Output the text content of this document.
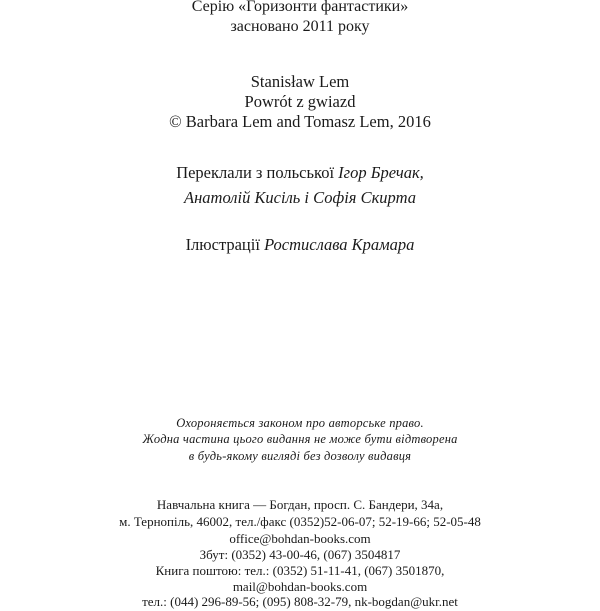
Серію «Горизонти фантастики»
засновано 2011 року
Stanisław Lem
Powrót z gwiazd
© Barbara Lem and Tomasz Lem, 2016
Переклали з польської Ігор Бречак,
Анатолій Кисіль і Софія Скирта
Ілюстрації Ростислава Крамара
Охороняється законом про авторське право.
Жодна частина цього видання не може бути відтворена
в будь-якому вигляді без дозволу видавця
Навчальна книга — Богдан, просп. С. Бандери, 34а,
м. Тернопіль, 46002, тел./факс (0352)52-06-07; 52-19-66; 52-05-48
office@bohdan-books.com
Збут: (0352) 43-00-46, (067) 3504817
Книга поштою: тел.: (0352) 51-11-41, (067) 3501870,
mail@bohdan-books.com
тел.: (044) 296-89-56; (095) 808-32-79, nk-bogdan@ukr.net
